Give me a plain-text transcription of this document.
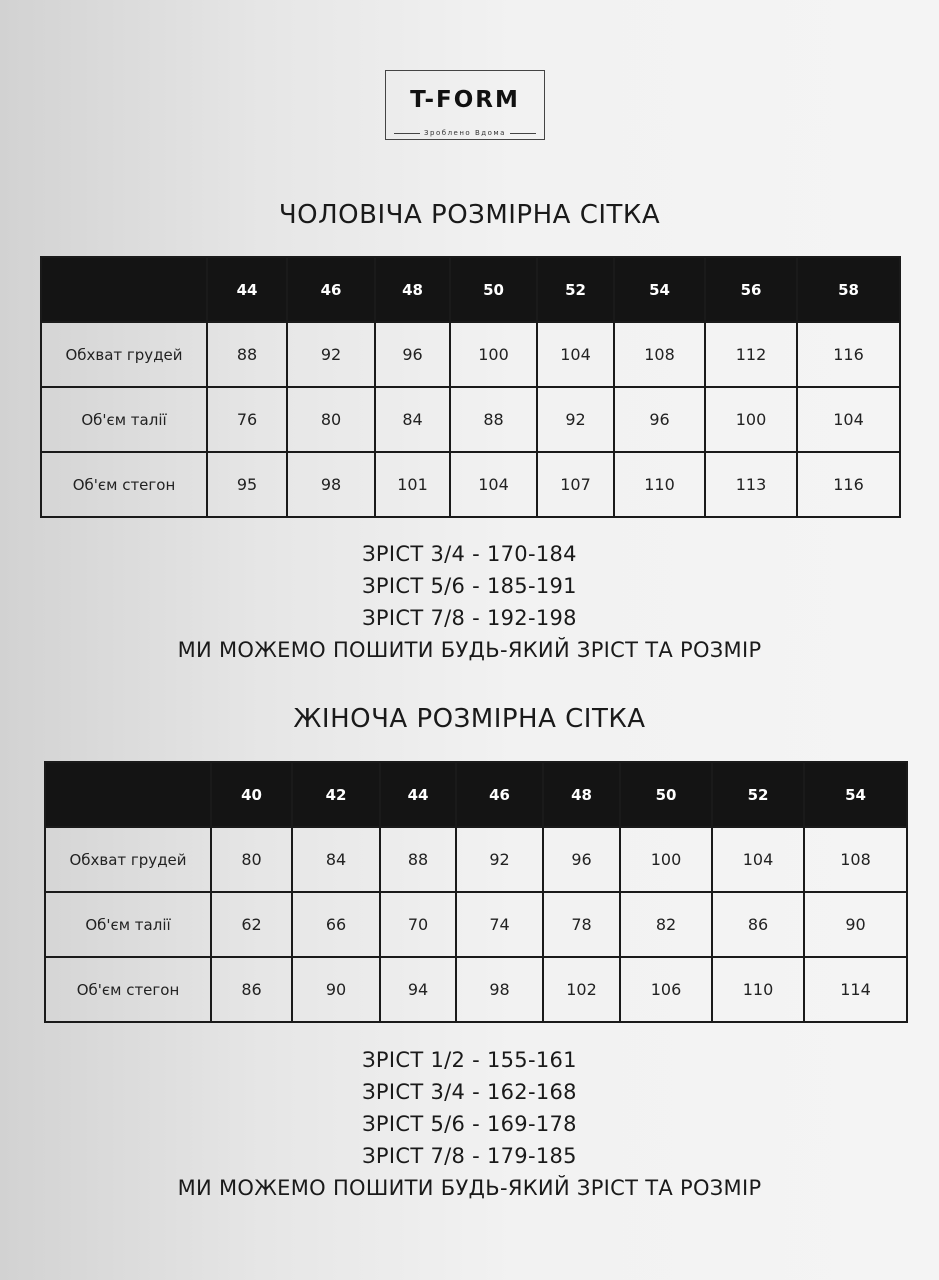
T-FORM
Зроблено Вдома
ЧОЛОВІЧА РОЗМІРНА СІТКА
	44	46	48	50	52	54	56	58
Обхват грудей	88	92	96	100	104	108	112	116
Об'єм талії	76	80	84	88	92	96	100	104
Об'єм стегон	95	98	101	104	107	110	113	116
ЗРІСТ 3/4 - 170-184
ЗРІСТ 5/6 - 185-191
ЗРІСТ 7/8 - 192-198
МИ МОЖЕМО ПОШИТИ БУДЬ-ЯКИЙ ЗРІСТ ТА РОЗМІР
ЖІНОЧА РОЗМІРНА СІТКА
	40	42	44	46	48	50	52	54
Обхват грудей	80	84	88	92	96	100	104	108
Об'єм талії	62	66	70	74	78	82	86	90
Об'єм стегон	86	90	94	98	102	106	110	114
ЗРІСТ 1/2 - 155-161
ЗРІСТ 3/4 - 162-168
ЗРІСТ 5/6 - 169-178
ЗРІСТ 7/8 - 179-185
МИ МОЖЕМО ПОШИТИ БУДЬ-ЯКИЙ ЗРІСТ ТА РОЗМІР
